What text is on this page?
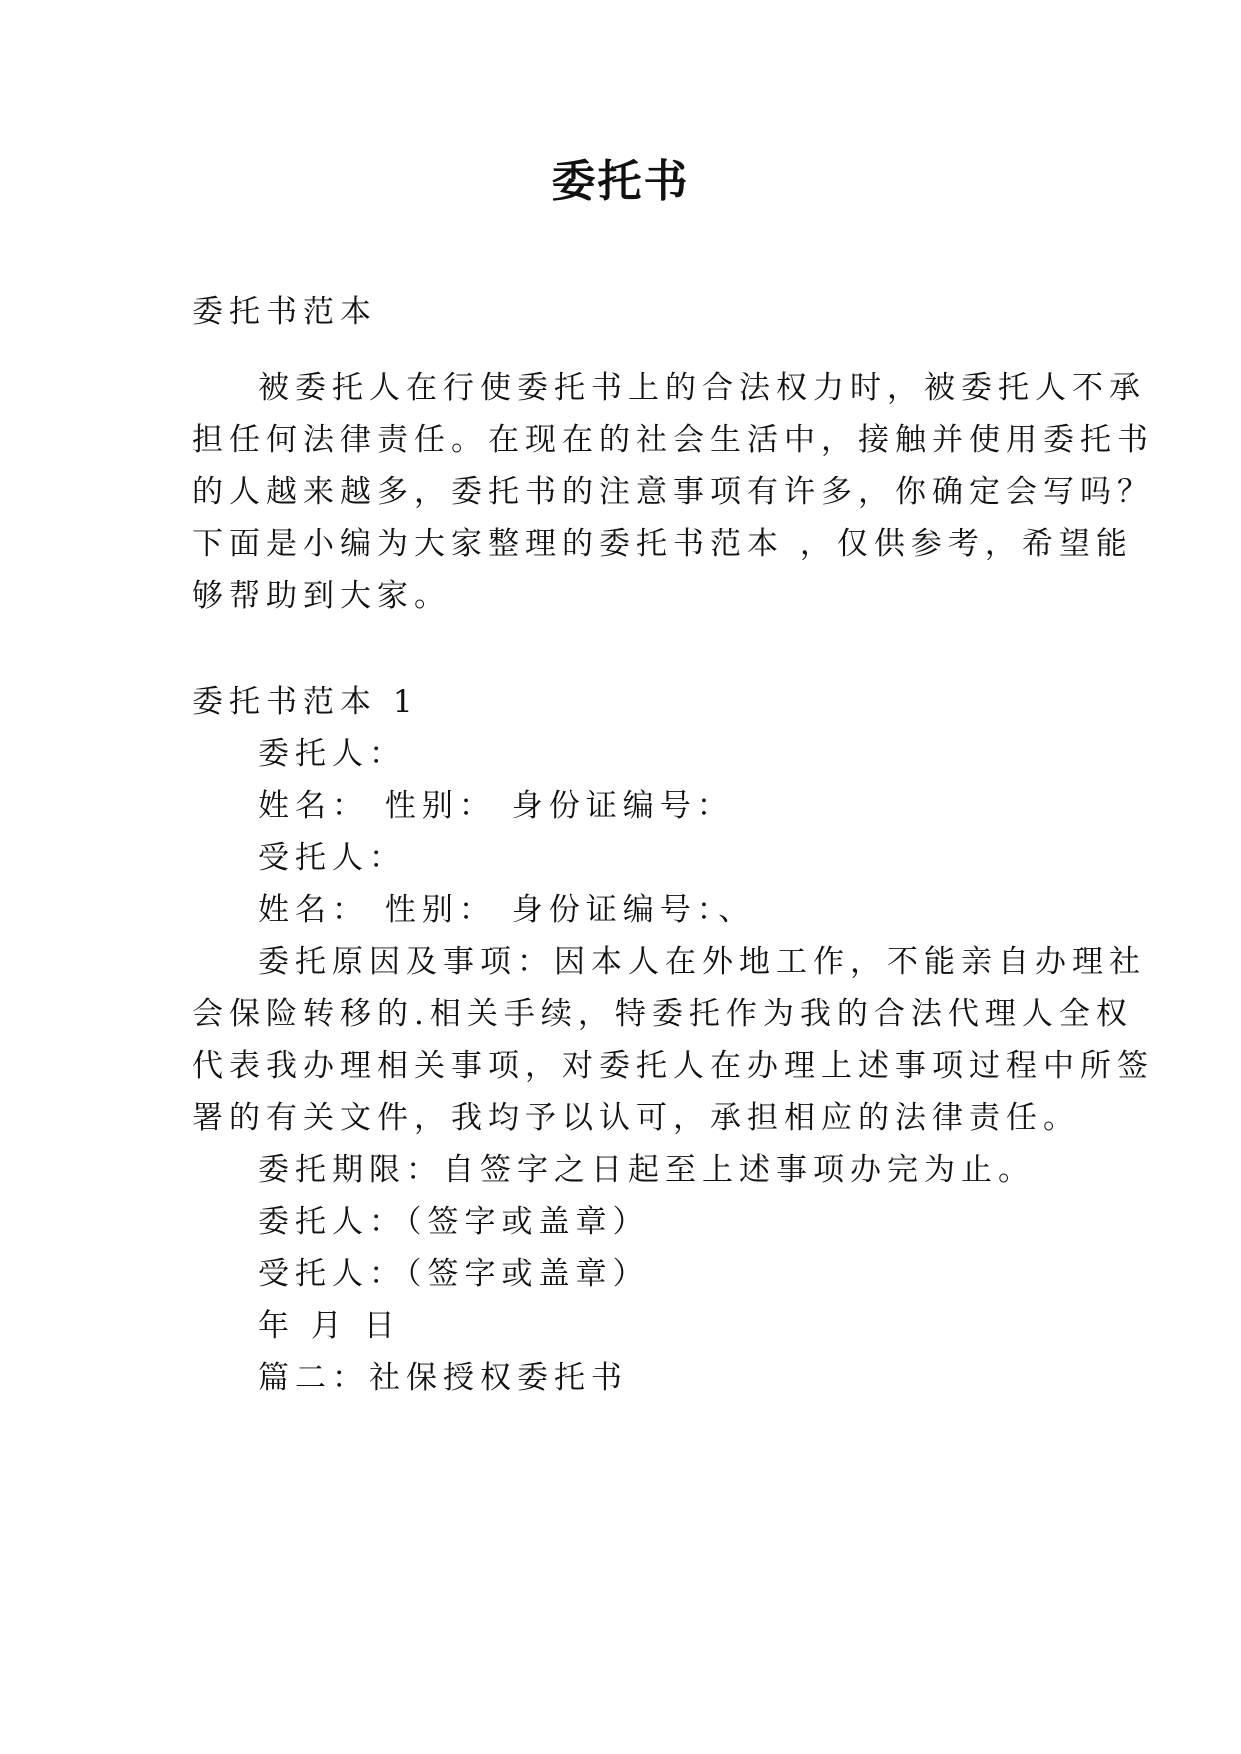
委托书
委托书范本
被委托人在行使委托书上的合法权力时，被委托人不承
担任何法律责任。在现在的社会生活中，接触并使用委托书
的人越来越多，委托书的注意事项有许多，你确定会写吗？
下面是小编为大家整理的委托书范本 ，仅供参考，希望能
够帮助到大家。
委托书范本 1
委托人：
姓名： 性别： 身份证编号：
受托人：
姓名： 性别： 身份证编号：、
委托原因及事项：因本人在外地工作，不能亲自办理社
会保险转移的.相关手续，特委托作为我的合法代理人全权
代表我办理相关事项，对委托人在办理上述事项过程中所签
署的有关文件，我均予以认可，承担相应的法律责任。
委托期限：自签字之日起至上述事项办完为止。
委托人：（签字或盖章）
受托人：（签字或盖章）
年 月 日
篇二：社保授权委托书
